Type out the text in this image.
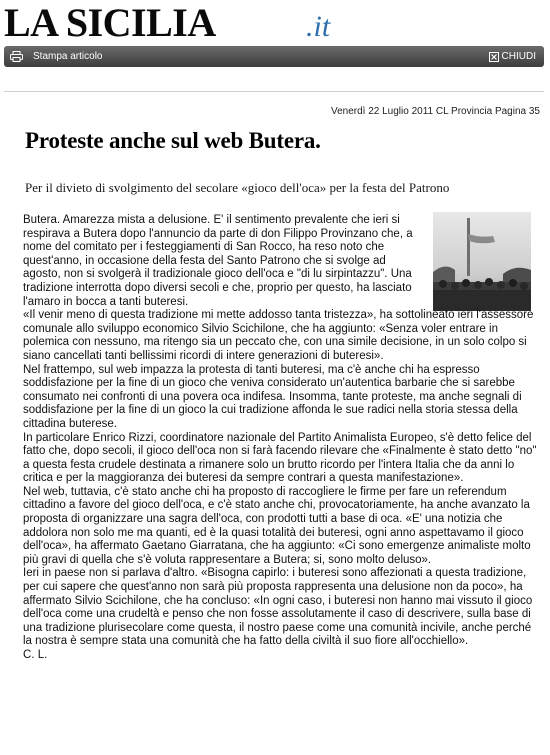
LA SICILIA	.it
Stampa articolo	CHIUDI
Venerdì 22 Luglio 2011 CL Provincia Pagina 35
Proteste anche sul web Butera.
Per il divieto di svolgimento del secolare «gioco dell'oca» per la festa del Patrono

Butera. Amarezza mista a delusione. E' il sentimento prevalente che ieri si respirava a Butera dopo l'annuncio da parte di don Filippo Provinzano che, a nome del comitato per i festeggiamenti di San Rocco, ha reso noto che quest'anno, in occasione della festa del Santo Patrono che si svolge ad agosto, non si svolgerà il tradizionale gioco dell'oca e "di lu sirpintazzu". Una tradizione interrotta dopo diversi secoli e che, proprio per questo, ha lasciato l'amaro in bocca a tanti buteresi.

«Il venir meno di questa tradizione mi mette addosso tanta tristezza», ha sottolineato ieri l'assessore comunale allo sviluppo economico Silvio Scichilone, che ha aggiunto: «Senza voler entrare in polemica con nessuno, ma ritengo sia un peccato che, con una simile decisione, in un solo colpo si siano cancellati tanti bellissimi ricordi di intere generazioni di buteresi».

Nel frattempo, sul web impazza la protesta di tanti buteresi, ma c'è anche chi ha espresso soddisfazione per la fine di un gioco che veniva considerato un'autentica barbarie che si sarebbe consumato nei confronti di una povera oca indifesa. Insomma, tante proteste, ma anche segnali di soddisfazione per la fine di un gioco la cui tradizione affonda le sue radici nella storia stessa della cittadina buterese.

In particolare Enrico Rizzi, coordinatore nazionale del Partito Animalista Europeo, s'è detto felice del fatto che, dopo secoli, il gioco dell'oca non si farà facendo rilevare che «Finalmente è stato detto "no" a questa festa crudele destinata a rimanere solo un brutto ricordo per l'intera Italia che da anni lo critica e per la maggioranza dei buteresi da sempre contrari a questa manifestazione».

Nel web, tuttavia, c'è stato anche chi ha proposto di raccogliere le firme per fare un referendum cittadino a favore del gioco dell'oca, e c'è stato anche chi, provocatoriamente, ha anche avanzato la proposta di organizzare una sagra dell'oca, con prodotti tutti a base di oca. «E' una notizia che addolora non solo me ma quanti, ed è la quasi totalità dei buteresi, ogni anno aspettavamo il gioco dell'oca», ha affermato Gaetano Giarratana, che ha aggiunto: «Ci sono emergenze animaliste molto più gravi di quella che s'è voluta rappresentare a Butera; si, sono molto deluso».

Ieri in paese non si parlava d'altro. «Bisogna capirlo: i buteresi sono affezionati a questa tradizione, per cui sapere che quest'anno non sarà più proposta rappresenta una delusione non da poco», ha affermato Silvio Scichilone, che ha concluso: «In ogni caso, i buteresi non hanno mai vissuto il gioco dell'oca come una crudeltà e penso che non fosse assolutamente il caso di descrivere, sulla base di una tradizione plurisecolare come questa, il nostro paese come una comunità incivile, anche perché la nostra è sempre stata una comunità che ha fatto della civiltà il suo fiore all'occhiello».

C. L.
